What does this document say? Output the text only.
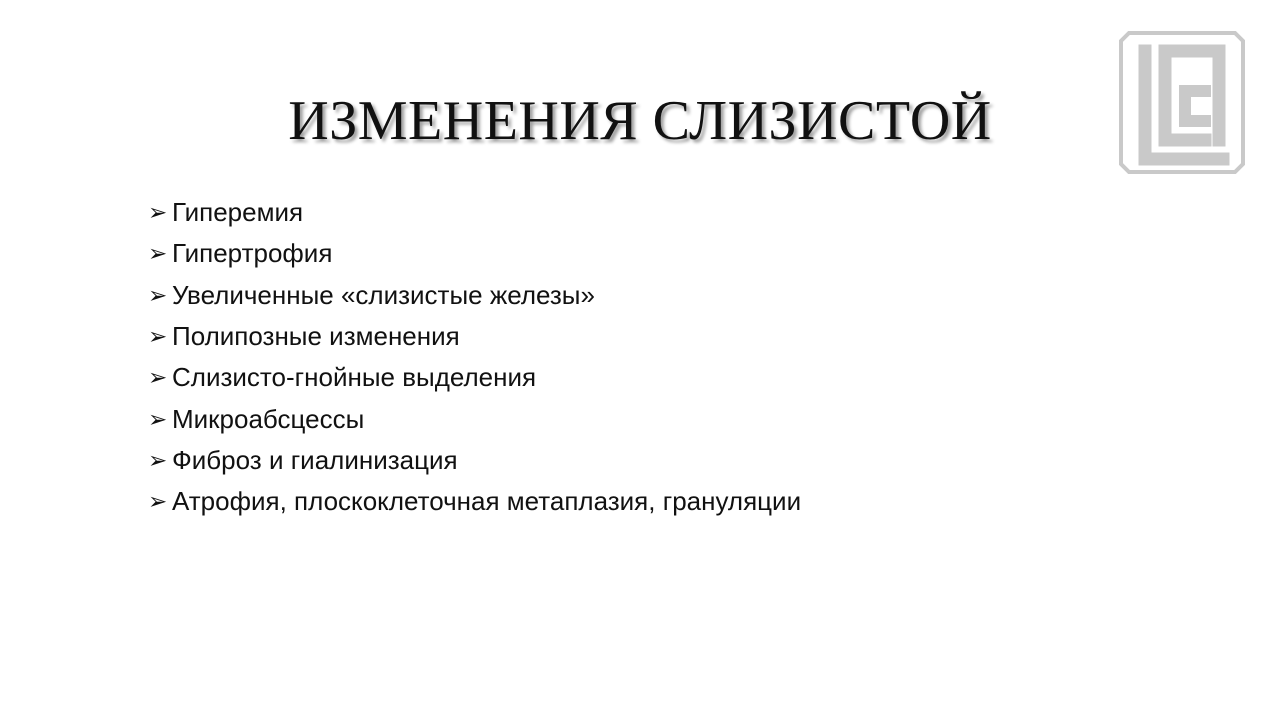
ИЗМЕНЕНИЯ СЛИЗИСТОЙ
➢ Гиперемия
➢ Гипертрофия
➢ Увеличенные «слизистые железы»
➢ Полипозные изменения
➢ Слизисто-гнойные выделения
➢ Микроабсцессы
➢ Фиброз и гиалинизация
➢ Атрофия, плоскоклеточная метаплазия, грануляции
